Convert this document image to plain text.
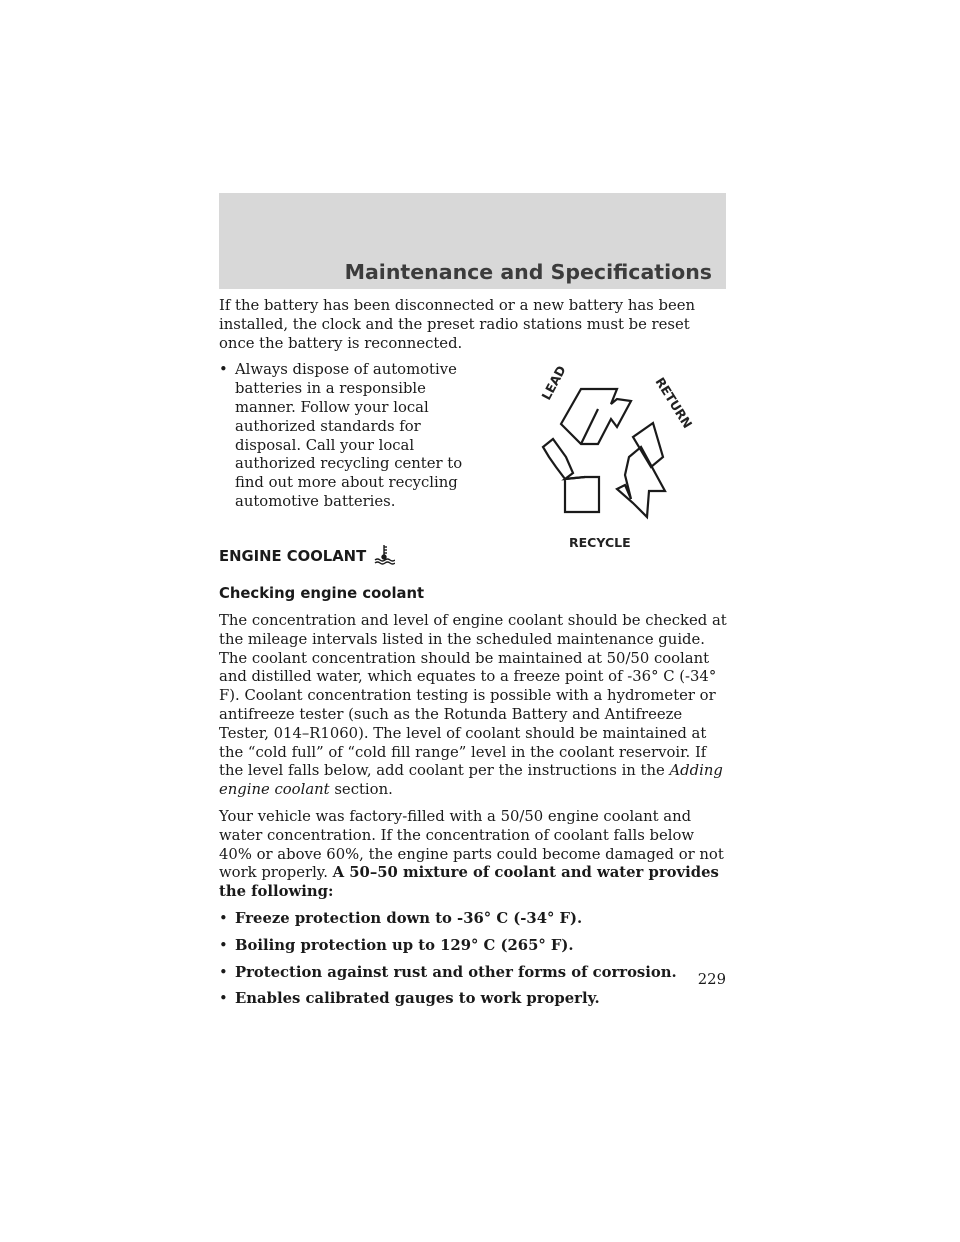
Maintenance and Specifications

If the battery has been disconnected or a new battery has been installed, the clock and the preset radio stations must be reset once the battery is reconnected.

• Always dispose of automotive batteries in a responsible manner. Follow your local authorized standards for disposal. Call your local authorized recycling center to find out more about recycling automotive batteries.
LEAD	RETURN
RECYCLE
ENGINE COOLANT
Checking engine coolant

The concentration and level of engine coolant should be checked at the mileage intervals listed in the scheduled maintenance guide. The coolant concentration should be maintained at 50/50 coolant and distilled water, which equates to a freeze point of -36° C (-34° F). Coolant concentration testing is possible with a hydrometer or antifreeze tester (such as the Rotunda Battery and Antifreeze Tester, 014–R1060). The level of coolant should be maintained at the “cold full” of “cold fill range” level in the coolant reservoir. If the level falls below, add coolant per the instructions in the Adding engine coolant section.

Your vehicle was factory-filled with a 50/50 engine coolant and water concentration. If the concentration of coolant falls below 40% or above 60%, the engine parts could become damaged or not work properly. A 50–50 mixture of coolant and water provides the following:

• Freeze protection down to -36° C (-34° F).
• Boiling protection up to 129° C (265° F).
• Protection against rust and other forms of corrosion.
• Enables calibrated gauges to work properly.
229
